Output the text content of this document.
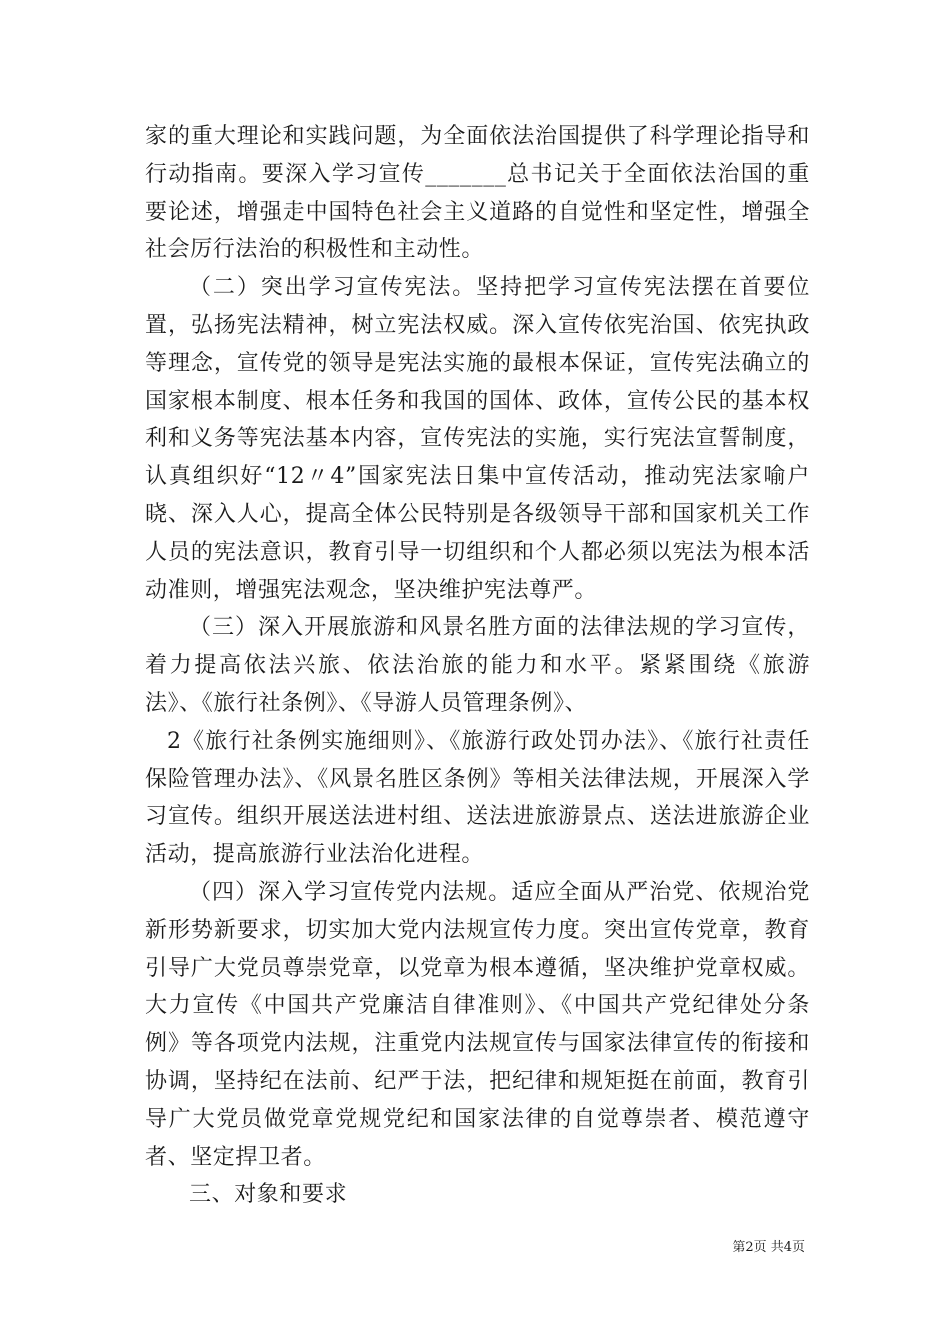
家的重大理论和实践问题，为全面依法治国提供了科学理论指导和行动指南。要深入学习宣传_______总书记关于全面依法治国的重要论述，增强走中国特色社会主义道路的自觉性和坚定性，增强全社会厉行法治的积极性和主动性。

（二）突出学习宣传宪法。坚持把学习宣传宪法摆在首要位置，弘扬宪法精神，树立宪法权威。深入宣传依宪治国、依宪执政等理念，宣传党的领导是宪法实施的最根本保证，宣传宪法确立的国家根本制度、根本任务和我国的国体、政体，宣传公民的基本权利和义务等宪法基本内容，宣传宪法的实施，实行宪法宣誓制度，认真组织好“12〃4”国家宪法日集中宣传活动，推动宪法家喻户晓、深入人心，提高全体公民特别是各级领导干部和国家机关工作人员的宪法意识，教育引导一切组织和个人都必须以宪法为根本活动准则，增强宪法观念，坚决维护宪法尊严。

（三）深入开展旅游和风景名胜方面的法律法规的学习宣传，着力提高依法兴旅、依法治旅的能力和水平。紧紧围绕《旅游法》、《旅行社条例》、《导游人员管理条例》、

2《旅行社条例实施细则》、《旅游行政处罚办法》、《旅行社责任保险管理办法》、《风景名胜区条例》等相关法律法规，开展深入学习宣传。组织开展送法进村组、送法进旅游景点、送法进旅游企业活动，提高旅游行业法治化进程。

（四）深入学习宣传党内法规。适应全面从严治党、依规治党新形势新要求，切实加大党内法规宣传力度。突出宣传党章，教育引导广大党员尊崇党章，以党章为根本遵循，坚决维护党章权威。大力宣传《中国共产党廉洁自律准则》、《中国共产党纪律处分条例》等各项党内法规，注重党内法规宣传与国家法律宣传的衔接和协调，坚持纪在法前、纪严于法，把纪律和规矩挺在前面，教育引导广大党员做党章党规党纪和国家法律的自觉尊崇者、模范遵守者、坚定捍卫者。

三、对象和要求

第2页 共4页
